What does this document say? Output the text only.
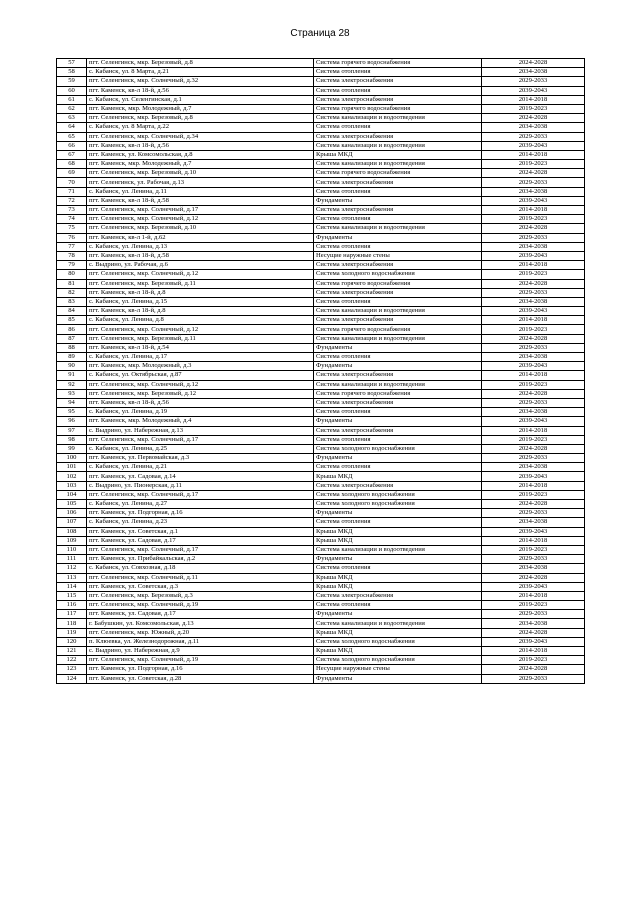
Страница 28
57	пгт. Селенгинск, мкр. Березовый, д.8	Система горячего водоснабжения	2024-2028
58	с. Кабанск, ул. 8 Марта, д.21	Система отопления	2034-2038
59	пгт. Селенгинск, мкр. Солнечный, д.32	Система электроснабжения	2029-2033
60	пгт. Каменск, кв-л 18-й, д.56	Система отопления	2039-2043
61	с. Кабанск, ул. Селенгинская, д.1	Система электроснабжения	2014-2018
62	пгт. Каменск, мкр. Молодежный, д.7	Система горячего водоснабжения	2019-2023
63	пгт. Селенгинск, мкр. Березовый, д.8	Система канализации и водоотведения	2024-2028
64	с. Кабанск, ул. 8 Марта, д.22	Система отопления	2034-2038
65	пгт. Селенгинск, мкр. Солнечный, д.34	Система электроснабжения	2029-2033
66	пгт. Каменск, кв-л 18-й, д.56	Система канализации и водоотведения	2039-2043
67	пгт. Каменск, ул. Комсомольская, д.8	Крыша МКД	2014-2018
68	пгт. Каменск, мкр. Молодежный, д.7	Система канализации и водоотведения	2019-2023
69	пгт. Селенгинск, мкр. Березовый, д.10	Система горячего водоснабжения	2024-2028
70	пгт. Селенгинск, ул. Рабочая, д.13	Система электроснабжения	2029-2033
71	с. Кабанск, ул. Ленина, д.11	Система отопления	2034-2038
72	пгт. Каменск, кв-л 18-й, д.58	Фундаменты	2039-2043
73	пгт. Селенгинск, мкр. Солнечный, д.17	Система электроснабжения	2014-2018
74	пгт. Селенгинск, мкр. Солнечный, д.12	Система отопления	2019-2023
75	пгт. Селенгинск, мкр. Березовый, д.10	Система канализации и водоотведения	2024-2028
76	пгт. Каменск, кв-л 1-й, д.62	Фундаменты	2029-2033
77	с. Кабанск, ул. Ленина, д.13	Система отопления	2034-2038
78	пгт. Каменск, кв-л 18-й, д.58	Несущие наружные стены	2039-2043
79	с. Выдрино, ул. Рабочая, д.6	Система электроснабжения	2014-2018
80	пгт. Селенгинск, мкр. Солнечный, д.12	Система холодного водоснабжения	2019-2023
81	пгт. Селенгинск, мкр. Березовый, д.11	Система горячего водоснабжения	2024-2028
82	пгт. Каменск, кв-л 18-й, д.8	Система электроснабжения	2029-2033
83	с. Кабанск, ул. Ленина, д.15	Система отопления	2034-2038
84	пгт. Каменск, кв-л 18-й, д.8	Система канализации и водоотведения	2039-2043
85	с. Кабанск, ул. Ленина, д.8	Система электроснабжения	2014-2018
86	пгт. Селенгинск, мкр. Солнечный, д.12	Система горячего водоснабжения	2019-2023
87	пгт. Селенгинск, мкр. Березовый, д.11	Система канализации и водоотведения	2024-2028
88	пгт. Каменск, кв-л 18-й, д.54	Фундаменты	2029-2033
89	с. Кабанск, ул. Ленина, д.17	Система отопления	2034-2038
90	пгт. Каменск, мкр. Молодежный, д.3	Фундаменты	2039-2043
91	с. Кабанск, ул. Октябрьская, д.87	Система электроснабжения	2014-2018
92	пгт. Селенгинск, мкр. Солнечный, д.12	Система канализации и водоотведения	2019-2023
93	пгт. Селенгинск, мкр. Березовый, д.12	Система горячего водоснабжения	2024-2028
94	пгт. Каменск, кв-л 18-й, д.56	Система электроснабжения	2029-2033
95	с. Кабанск, ул. Ленина, д.19	Система отопления	2034-2038
96	пгт. Каменск, мкр. Молодежный, д.4	Фундаменты	2039-2043
97	с. Выдрино, ул. Набережная, д.13	Система электроснабжения	2014-2018
98	пгт. Селенгинск, мкр. Солнечный, д.17	Система отопления	2019-2023
99	с. Кабанск, ул. Ленина, д.25	Система холодного водоснабжения	2024-2028
100	пгт. Каменск, ул. Первомайская, д.3	Фундаменты	2029-2033
101	с. Кабанск, ул. Ленина, д.21	Система отопления	2034-2038
102	пгт. Каменск, ул. Садовая, д.14	Крыша МКД	2039-2043
103	с. Выдрино, ул. Пионерская, д.11	Система электроснабжения	2014-2018
104	пгт. Селенгинск, мкр. Солнечный, д.17	Система холодного водоснабжения	2019-2023
105	с. Кабанск, ул. Ленина, д.27	Система холодного водоснабжения	2024-2028
106	пгт. Каменск, ул. Подгорная, д.16	Фундаменты	2029-2033
107	с. Кабанск, ул. Ленина, д.23	Система отопления	2034-2038
108	пгт. Каменск, ул. Советская, д.1	Крыша МКД	2039-2043
109	пгт. Каменск, ул. Садовая, д.17	Крыша МКД	2014-2018
110	пгт. Селенгинск, мкр. Солнечный, д.17	Система канализации и водоотведения	2019-2023
111	пгт. Каменск, ул. Прибайкальская, д.2	Фундаменты	2029-2033
112	с. Кабанск, ул. Совхозная, д.18	Система отопления	2034-2038
113	пгт. Селенгинск, мкр. Солнечный, д.11	Крыша МКД	2024-2028
114	пгт. Каменск, ул. Советская, д.3	Крыша МКД	2039-2043
115	пгт. Селенгинск, мкр. Березовый, д.3	Система электроснабжения	2014-2018
116	пгт. Селенгинск, мкр. Солнечный, д.19	Система отопления	2019-2023
117	пгт. Каменск, ул. Садовая, д.17	Фундаменты	2029-2033
118	г. Бабушкин, ул. Комсомольская, д.13	Система канализации и водоотведения	2034-2038
119	пгт. Селенгинск, мкр. Южный, д.20	Крыша МКД	2024-2028
120	п. Клюевка, ул. Железнодорожная, д.11	Система холодного водоснабжения	2039-2043
121	с. Выдрино, ул. Набережная, д.9	Крыша МКД	2014-2018
122	пгт. Селенгинск, мкр. Солнечный, д.19	Система холодного водоснабжения	2019-2023
123	пгт. Каменск, ул. Подгорная, д.16	Несущие наружные стены	2024-2028
124	пгт. Каменск, ул. Советская, д.28	Фундаменты	2029-2033
